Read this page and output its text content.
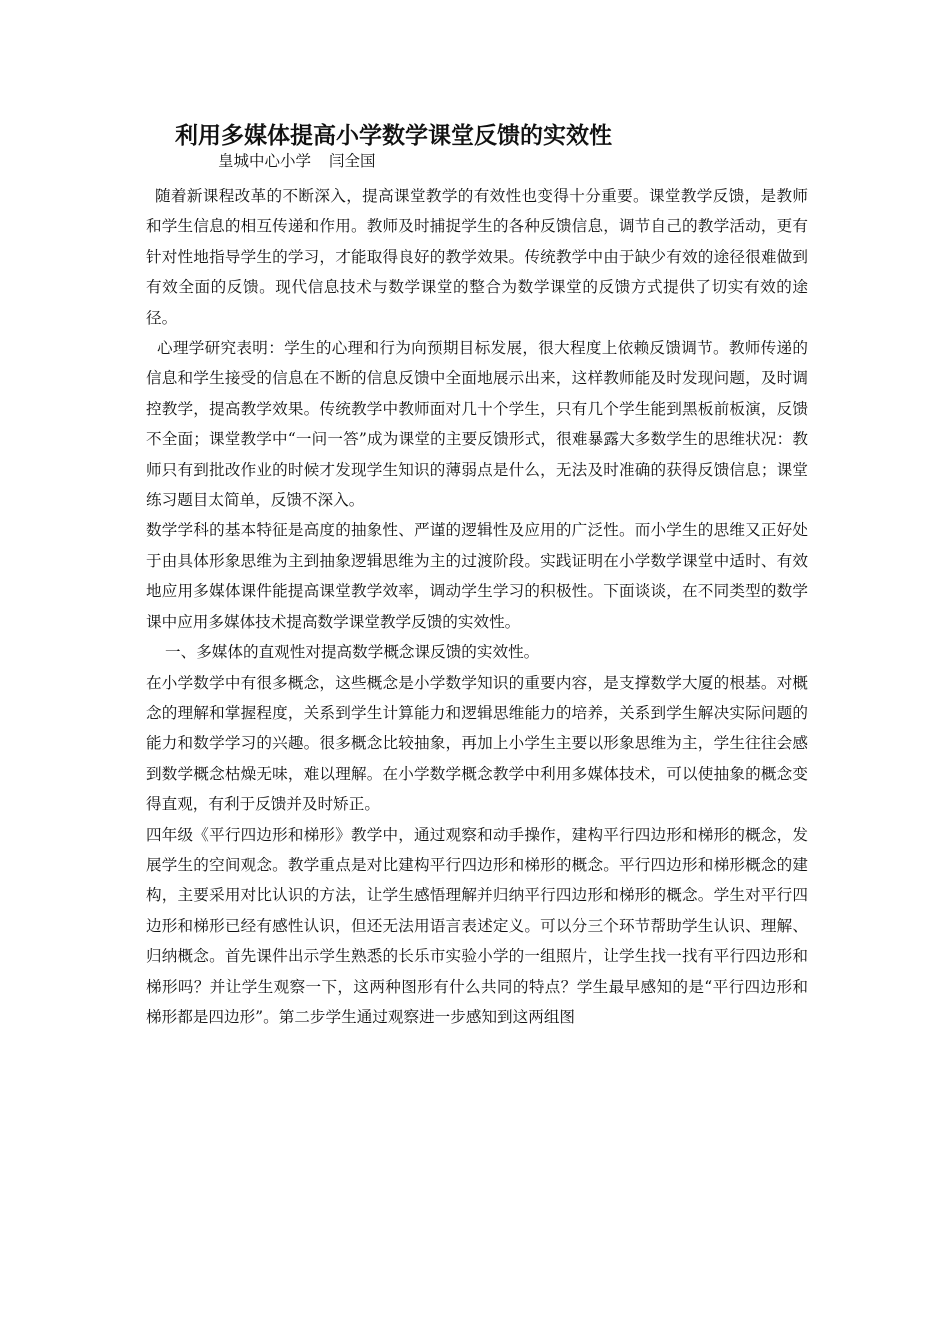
利用多媒体提高小学数学课堂反馈的实效性
皇城中心小学 闫全国

随着新课程改革的不断深入，提高课堂教学的有效性也变得十分重要。课堂教学反馈，是教师和学生信息的相互传递和作用。教师及时捕捉学生的各种反馈信息，调节自己的教学活动，更有针对性地指导学生的学习，才能取得良好的教学效果。传统教学中由于缺少有效的途径很难做到有效全面的反馈。现代信息技术与数学课堂的整合为数学课堂的反馈方式提供了切实有效的途径。

心理学研究表明：学生的心理和行为向预期目标发展，很大程度上依赖反馈调节。教师传递的信息和学生接受的信息在不断的信息反馈中全面地展示出来，这样教师能及时发现问题，及时调控教学，提高教学效果。传统教学中教师面对几十个学生，只有几个学生能到黑板前板演，反馈不全面；课堂教学中“一问一答”成为课堂的主要反馈形式，很难暴露大多数学生的思维状况：教师只有到批改作业的时候才发现学生知识的薄弱点是什么，无法及时准确的获得反馈信息；课堂练习题目太简单，反馈不深入。

数学学科的基本特征是高度的抽象性、严谨的逻辑性及应用的广泛性。而小学生的思维又正好处于由具体形象思维为主到抽象逻辑思维为主的过渡阶段。实践证明在小学数学课堂中适时、有效地应用多媒体课件能提高课堂教学效率，调动学生学习的积极性。下面谈谈，在不同类型的数学课中应用多媒体技术提高数学课堂教学反馈的实效性。

一、多媒体的直观性对提高数学概念课反馈的实效性。

在小学数学中有很多概念，这些概念是小学数学知识的重要内容，是支撑数学大厦的根基。对概念的理解和掌握程度，关系到学生计算能力和逻辑思维能力的培养，关系到学生解决实际问题的能力和数学学习的兴趣。很多概念比较抽象，再加上小学生主要以形象思维为主，学生往往会感到数学概念枯燥无味，难以理解。在小学数学概念教学中利用多媒体技术，可以使抽象的概念变得直观，有利于反馈并及时矫正。

四年级《平行四边形和梯形》教学中，通过观察和动手操作，建构平行四边形和梯形的概念，发展学生的空间观念。教学重点是对比建构平行四边形和梯形的概念。平行四边形和梯形概念的建构，主要采用对比认识的方法，让学生感悟理解并归纳平行四边形和梯形的概念。学生对平行四边形和梯形已经有感性认识，但还无法用语言表述定义。可以分三个环节帮助学生认识、理解、归纳概念。首先课件出示学生熟悉的长乐市实验小学的一组照片，让学生找一找有平行四边形和梯形吗？并让学生观察一下，这两种图形有什么共同的特点？学生最早感知的是“平行四边形和梯形都是四边形”。第二步学生通过观察进一步感知到这两组图
